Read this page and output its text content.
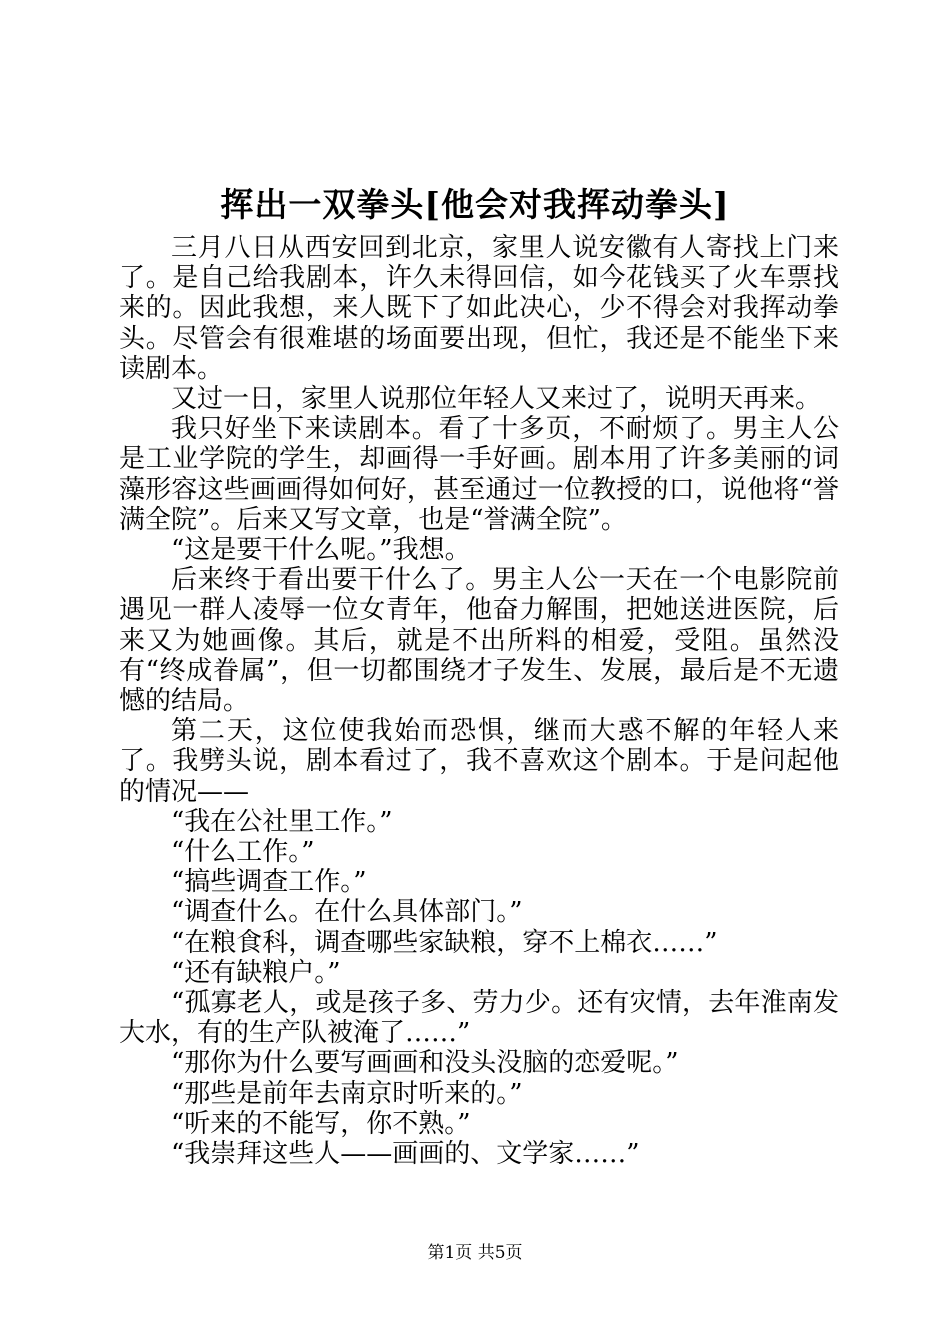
挥出一双拳头[他会对我挥动拳头]

三月八日从西安回到北京，家里人说安徽有人寄找上门来了。是自己给我剧本，许久未得回信，如今花钱买了火车票找来的。因此我想，来人既下了如此决心，少不得会对我挥动拳头。尽管会有很难堪的场面要出现，但忙，我还是不能坐下来读剧本。

又过一日，家里人说那位年轻人又来过了，说明天再来。

我只好坐下来读剧本。看了十多页，不耐烦了。男主人公是工业学院的学生，却画得一手好画。剧本用了许多美丽的词藻形容这些画画得如何好，甚至通过一位教授的口，说他将“誉满全院”。后来又写文章，也是“誉满全院”。

“这是要干什么呢。”我想。

后来终于看出要干什么了。男主人公一天在一个电影院前遇见一群人凌辱一位女青年，他奋力解围，把她送进医院，后来又为她画像。其后，就是不出所料的相爱，受阻。虽然没有“终成眷属”，但一切都围绕才子发生、发展，最后是不无遗憾的结局。

第二天，这位使我始而恐惧，继而大惑不解的年轻人来了。我劈头说，剧本看过了，我不喜欢这个剧本。于是问起他的情况——

“我在公社里工作。”

“什么工作。”

“搞些调查工作。”

“调查什么。在什么具体部门。”

“在粮食科，调查哪些家缺粮，穿不上棉衣……”

“还有缺粮户。”

“孤寡老人，或是孩子多、劳力少。还有灾情，去年淮南发大水，有的生产队被淹了……”

“那你为什么要写画画和没头没脑的恋爱呢。”

“那些是前年去南京时听来的。”

“听来的不能写，你不熟。”

“我崇拜这些人——画画的、文学家……”

第1页 共5页
